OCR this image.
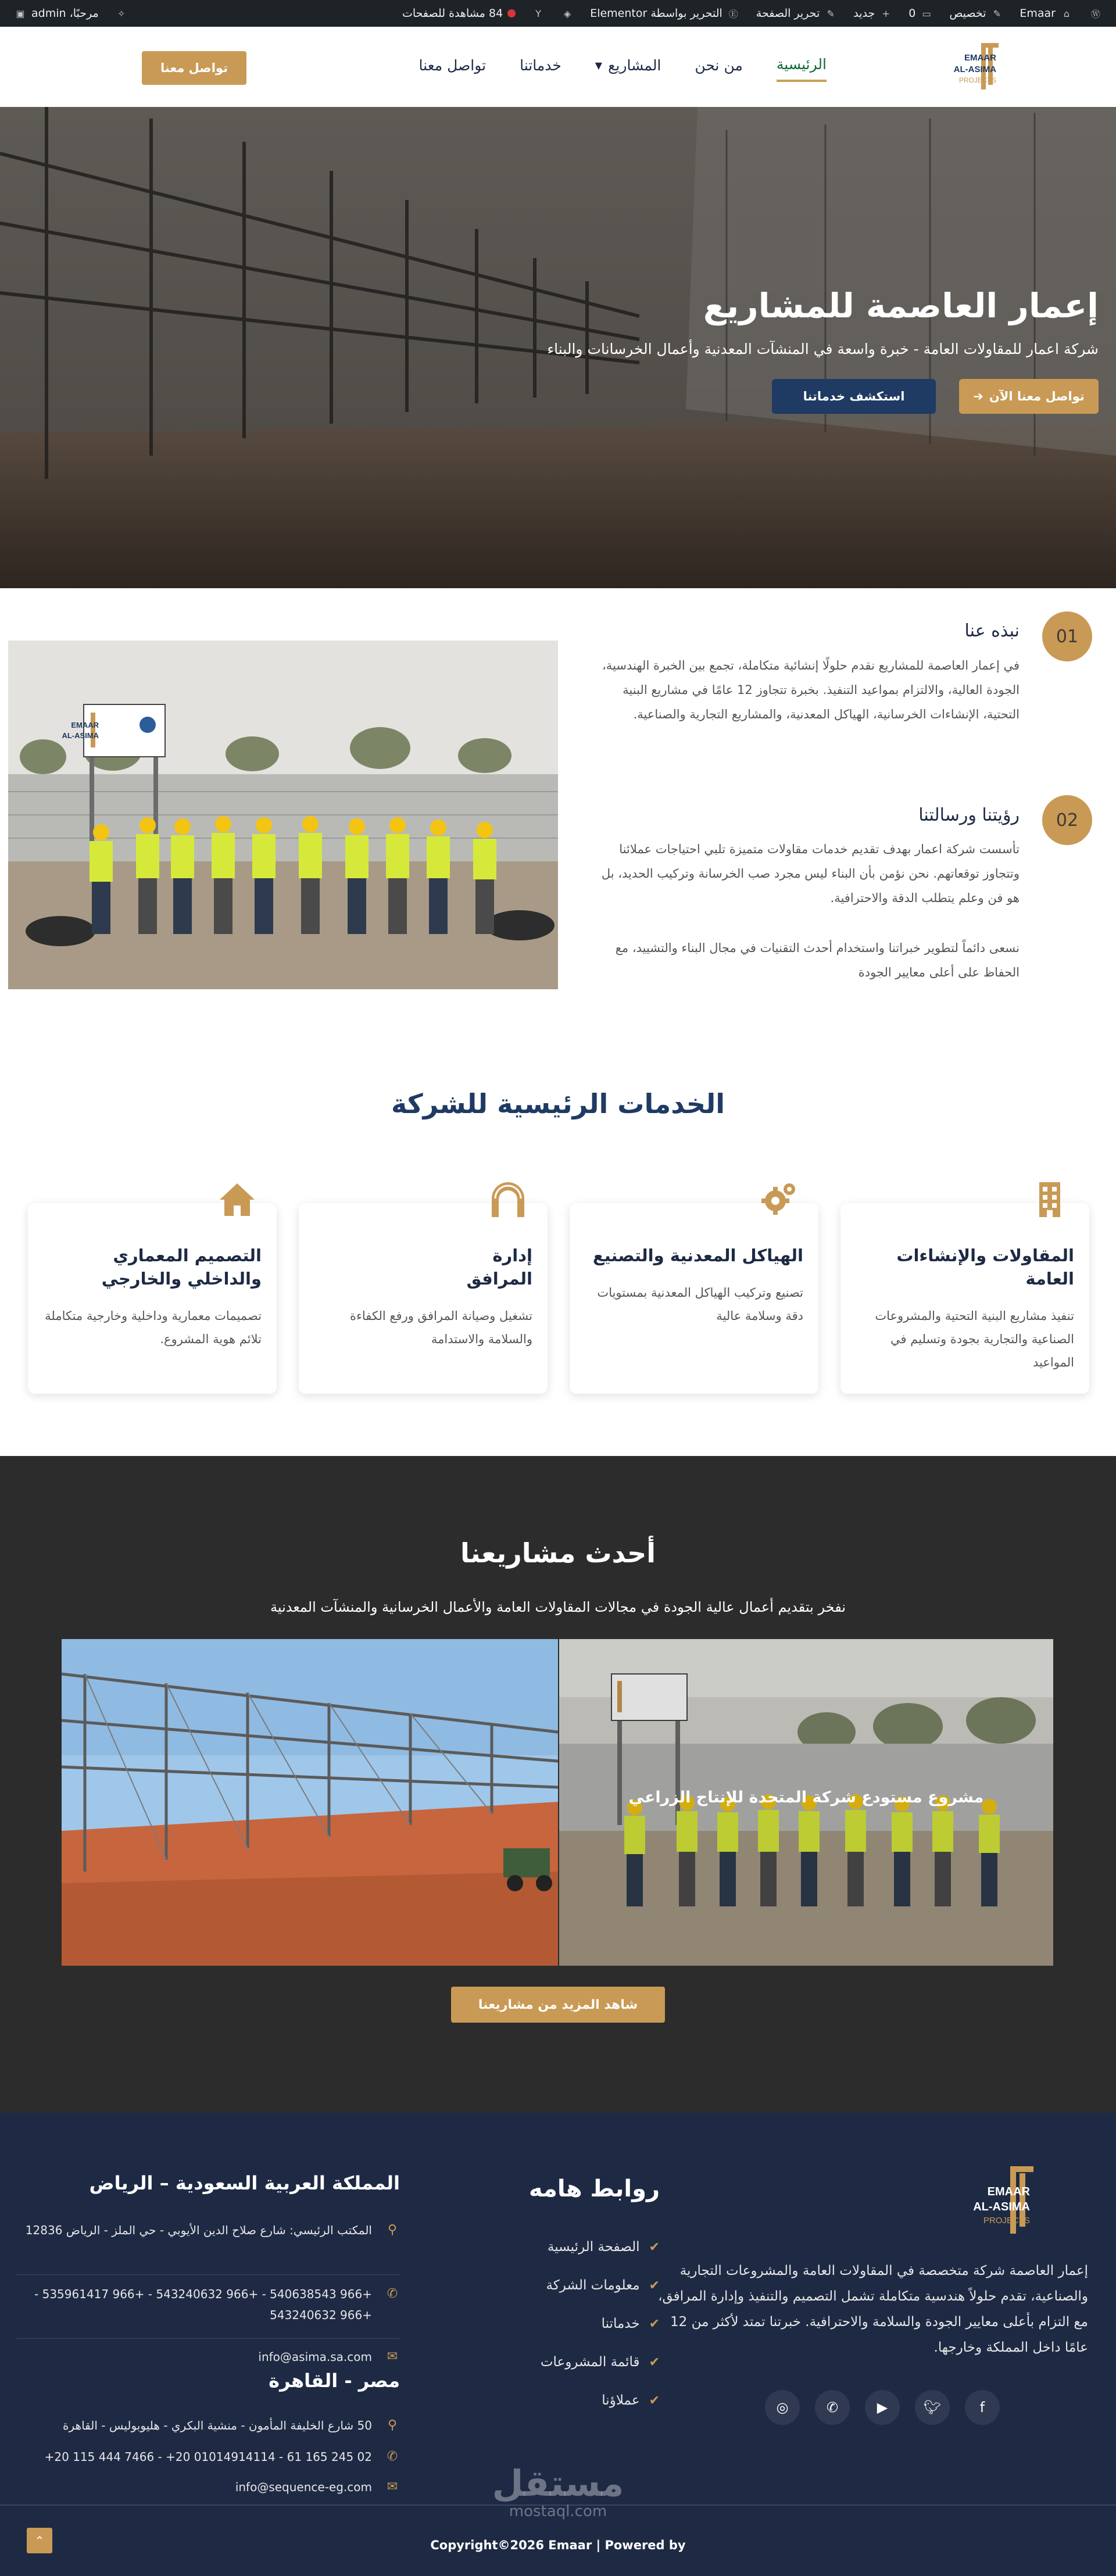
Ⓦ
⌂
Emaar
✎
تخصيص
▭
0
+
جديد
✎
تحرير الصفحة
Ⓔ
التحرير بواسطة Elementor
◈
Y
84 مشاهدة للصفحات
✧
مرحبًا، admin
▣
EMAAR
AL-ASIMA
PROJECTS
الرئيسية
من نحن
المشاريع
▼
خدماتنا
تواصل معنا
تواصل معنا
إعمار العاصمة للمشاريع
شركة اعمار للمقاولات العامة - خبرة واسعة في المنشآت المعدنية وأعمال الخرسانات والبناء
تواصل معنا الآن
➔
استكشف خدماتنا
01
نبذه عنا
في إعمار العاصمة للمشاريع نقدم حلولًا إنشائية متكاملة، تجمع بين الخبرة الهندسية، الجودة العالية، والالتزام بمواعيد التنفيذ. بخبرة تتجاوز 12 عامًا في مشاريع البنية التحتية، الإنشاءات الخرسانية، الهياكل المعدنية، والمشاريع التجارية والصناعية.
02
رؤيتنا ورسالتنا
تأسست شركة اعمار بهدف تقديم خدمات مقاولات متميزة تلبي احتياجات عملائنا وتتجاوز توقعاتهم. نحن نؤمن بأن البناء ليس مجرد صب الخرسانة وتركيب الحديد، بل هو فن وعلم يتطلب الدقة والاحترافية.
نسعى دائماً لتطوير خبراتنا واستخدام أحدث التقنيات في مجال البناء والتشييد، مع الحفاظ على أعلى معايير الجودة
EMAAR
AL-ASIMA
الخدمات الرئيسية للشركة
المقاولات والإنشاءات العامة

تنفيذ مشاريع البنية التحتية والمشروعات الصناعية والتجارية بجودة وتسليم في المواعيد

الهياكل المعدنية والتصنيع

تصنيع وتركيب الهياكل المعدنية بمستويات دقة وسلامة عالية

إدارة المرافق

تشغيل وصيانة المرافق ورفع الكفاءة والسلامة والاستدامة

التصميم المعماري والداخلي والخارجي

تصميمات معمارية وداخلية وخارجية متكاملة تلائم هوية المشروع.

أحدث مشاريعنا
نفخر بتقديم أعمال عالية الجودة في مجالات المقاولات العامة والأعمال الخرسانية والمنشآت المعدنية
مشروع مستودع شركة المتحدة للإنتاج الزراعي
شاهد المزيد من مشاريعنا
EMAAR
AL-ASIMA
PROJECTS
إعمار العاصمة شركة متخصصة في المقاولات العامة والمشروعات التجارية والصناعية، تقدم حلولاً هندسية متكاملة تشمل التصميم والتنفيذ وإدارة المرافق، مع التزام بأعلى معايير الجودة والسلامة والاحترافية. خبرتنا تمتد لأكثر من 12 عامًا داخل المملكة وخارجها.
f
🐦︎
▶
✆
◎
روابط هامه
✔
الصفحة الرئيسية
✔
معلومات الشركة
✔
خدماتنا
✔
قائمة المشروعات
✔
عملاؤنا
المملكة العربية السعودية – الرياض
⚲
المكتب الرئيسي: شارع صلاح الدين الأيوبي - حي الملز - الرياض 12836
✆
+966 540638543 - +966 543240632 - +966 535961417 - +966 543240632
✉
info@asima.sa.com
مصر - القاهرة
⚲
50 شارع الخليفة المأمون - منشية البكري - هليوبوليس - القاهرة
✆
02 245 165 61 - 01014914114 20+ - 7466 444 115 20+
✉
info@sequence-eg.com	مستقل
Copyright©2026 Emaar | Powered by
⌃
mostaql.com
